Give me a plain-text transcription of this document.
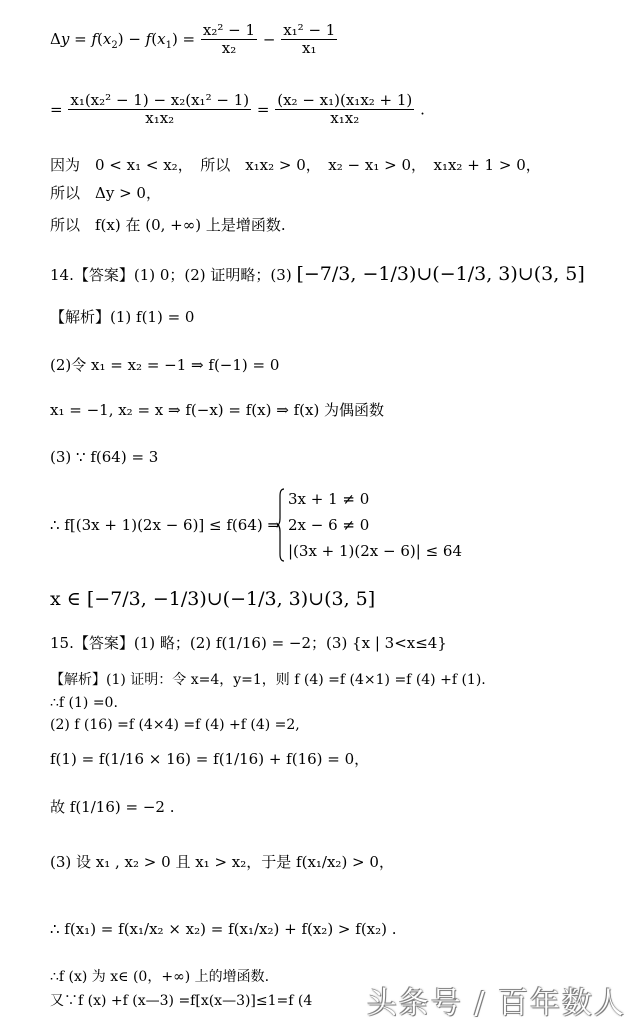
$\Delta y = f(x_2) - f(x_1) = \frac{\text{x₂² − 1}}{\text{x₂}} - \frac{\text{x₁² − 1}}{\text{x₁}}$
= $\frac{\text{x₁(x₂² − 1) − x₂(x₁² − 1)}}{\text{x₁x₂}} = \frac{\text{(x₂ − x₁)(x₁x₂ + 1)}}{\text{x₁x₂}}$ .
因为　0 < x₁ < x₂，　所以　x₁x₂ > 0，　x₂ − x₁ > 0，　x₁x₂ + 1 > 0，
所以　Δy > 0，
所以　f(x) 在 (0, +∞) 上是增函数.
14.【答案】(1) 0；(2) 证明略；(3) [−7/3, −1/3)∪(−1/3, 3)∪(3, 5]
【解析】(1) f(1) = 0
(2)令 x₁ = x₂ = −1 ⇒ f(−1) = 0
x₁ = −1, x₂ = x ⇒ f(−x) = f(x) ⇒ f(x) 为偶函数
(3) ∵ f(64) = 3
∴ f[(3x + 1)(2x − 6)] ≤ f(64) ⇒
3x + 1 ≠ 0
2x − 6 ≠ 0
|(3x + 1)(2x − 6)| ≤ 64
x ∈ [−7/3, −1/3)∪(−1/3, 3)∪(3, 5]
15.【答案】(1) 略；(2) f(1/16) = −2；(3) {x | 3<x≤4}
【解析】(1) 证明：令 x=4，y=1，则 f (4) =f (4×1) =f (4) +f (1).
∴f (1) =0.
(2) f (16) =f (4×4) =f (4) +f (4) =2,
f(1) = f(1/16 × 16) = f(1/16) + f(16) = 0，
故 f(1/16) = −2 .
(3) 设 x₁ , x₂ > 0 且 x₁ > x₂，于是 f(x₁/x₂) > 0，
∴ f(x₁) = f(x₁/x₂ × x₂) = f(x₁/x₂) + f(x₂) > f(x₂) .
∴f (x) 为 x∈ (0，+∞) 上的增函数.
又∵f (x) +f (x—3) =f[x(x—3)]≤1=f (4 头条号 / 百年数人
